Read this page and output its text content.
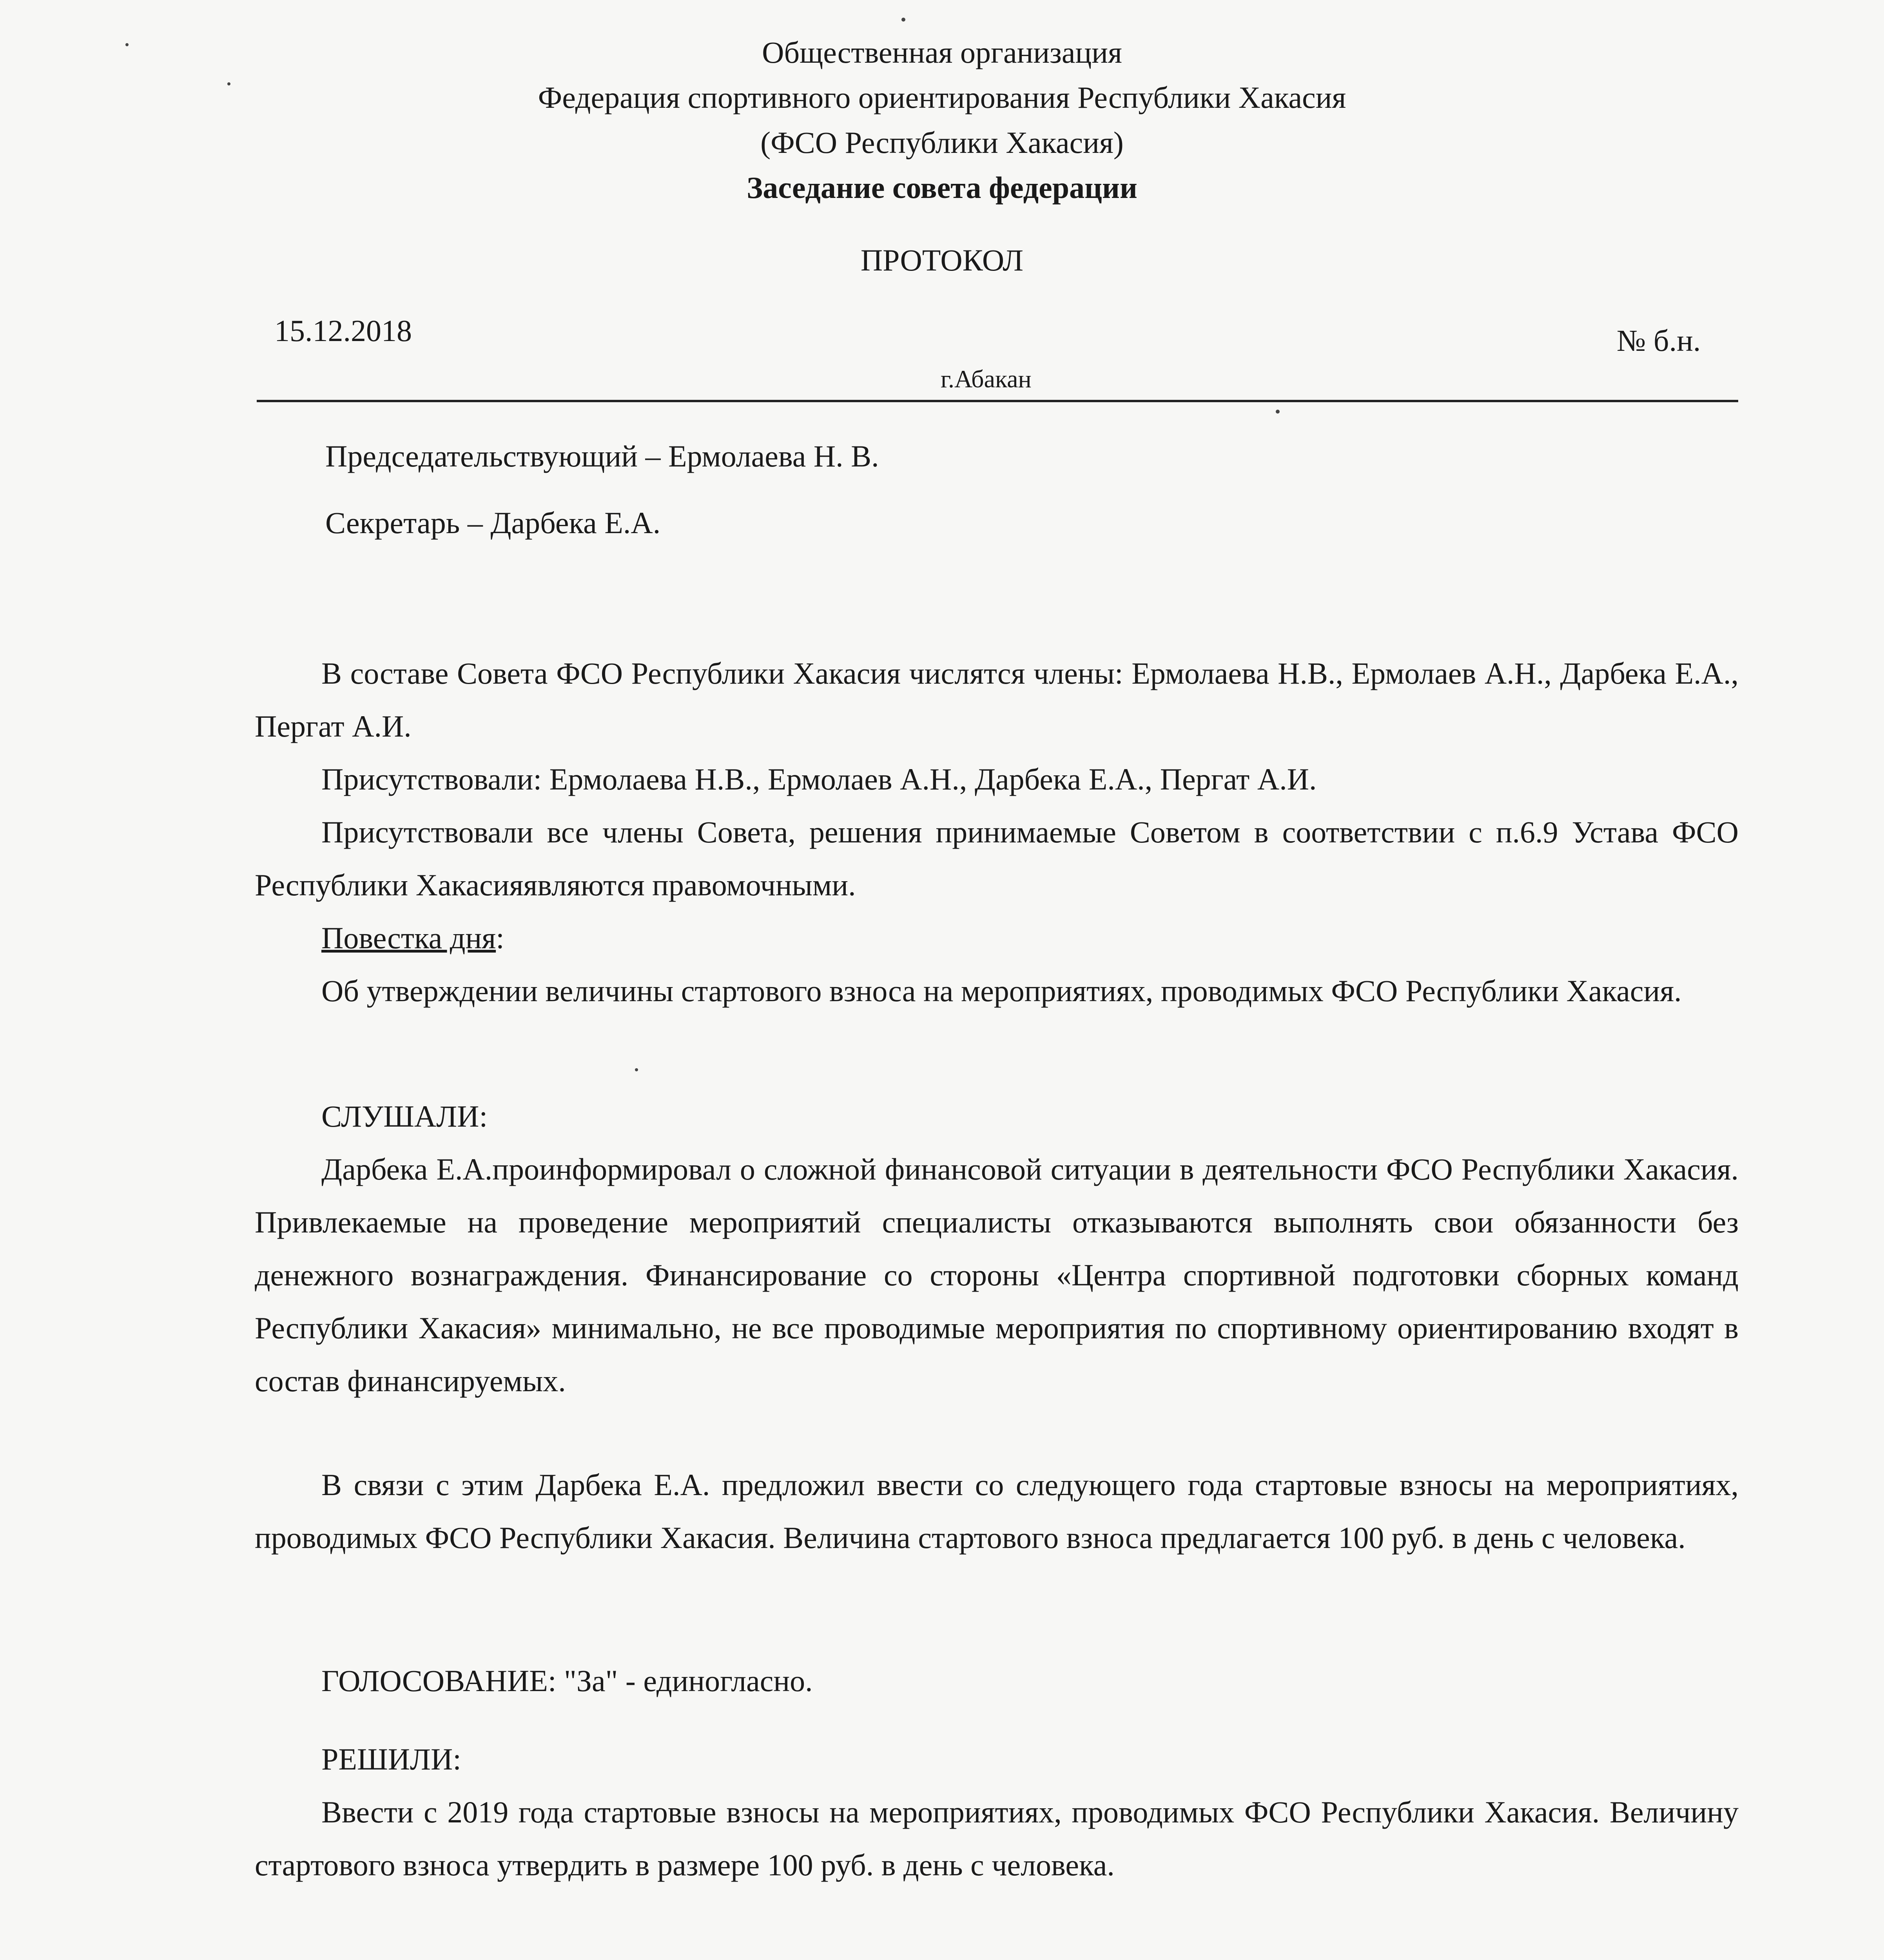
Общественная организация
Федерация спортивного ориентирования Республики Хакасия
(ФСО Республики Хакасия)
Заседание совета федерации
ПРОТОКОЛ
15.12.2018	№ б.н.
г.Абакан
Председательствующий – Ермолаева Н. В.
Секретарь – Дарбека Е.А.
В составе Совета ФСО Республики Хакасия числятся члены: Ермолаева Н.В., Ермолаев А.Н., Дарбека Е.А., Пергат А.И.
Присутствовали: Ермолаева Н.В., Ермолаев А.Н., Дарбека Е.А., Пергат А.И.
Присутствовали все члены Совета, решения принимаемые Советом в соответствии с п.6.9 Устава ФСО Республики Хакасияявляются правомочными.
Повестка дня:
Об утверждении величины стартового взноса на мероприятиях, проводимых ФСО Республики Хакасия.
СЛУШАЛИ:
Дарбека Е.А.проинформировал о сложной финансовой ситуации в деятельности ФСО Республики Хакасия. Привлекаемые на проведение мероприятий специалисты отказываются выполнять свои обязанности без денежного вознаграждения. Финансирование со стороны «Центра спортивной подготовки сборных команд Республики Хакасия» минимально, не все проводимые мероприятия по спортивному ориентированию входят в состав финансируемых.
В связи с этим Дарбека Е.А. предложил ввести со следующего года стартовые взносы на мероприятиях, проводимых ФСО Республики Хакасия. Величина стартового взноса предлагается 100 руб. в день с человека.
ГОЛОСОВАНИЕ: "За" - единогласно.
РЕШИЛИ:
Ввести с 2019 года стартовые взносы на мероприятиях, проводимых ФСО Республики Хакасия. Величину стартового взноса утвердить в размере 100 руб. в день с человека.
